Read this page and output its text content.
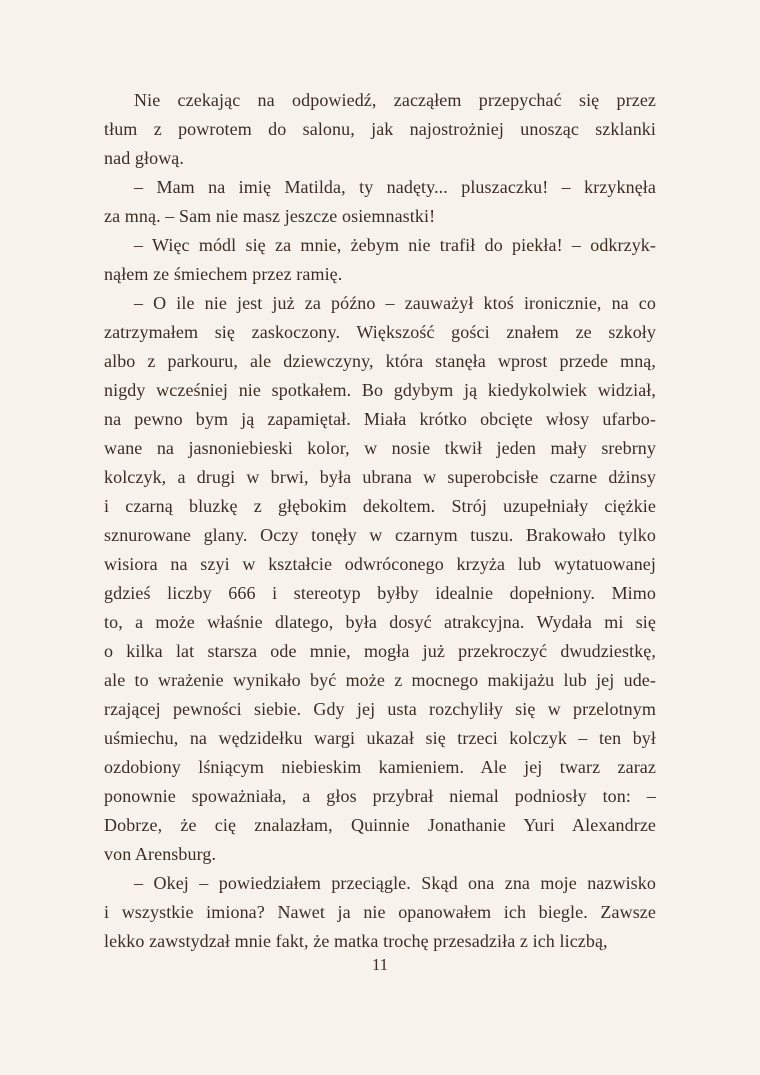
Nie czekając na odpowiedź, zacząłem przepychać się przez
tłum z powrotem do salonu, jak najostrożniej unosząc szklanki
nad głową.
– Mam na imię Matilda, ty nadęty... pluszaczku! – krzyknęła
za mną. – Sam nie masz jeszcze osiemnastki!
– Więc módl się za mnie, żebym nie trafił do piekła! – odkrzyk-
nąłem ze śmiechem przez ramię.
– O ile nie jest już za późno – zauważył ktoś ironicznie, na co
zatrzymałem się zaskoczony. Większość gości znałem ze szkoły
albo z parkouru, ale dziewczyny, która stanęła wprost przede mną,
nigdy wcześniej nie spotkałem. Bo gdybym ją kiedykolwiek widział,
na pewno bym ją zapamiętał. Miała krótko obcięte włosy ufarbo-
wane na jasnoniebieski kolor, w nosie tkwił jeden mały srebrny
kolczyk, a drugi w brwi, była ubrana w superobcisłe czarne dżinsy
i czarną bluzkę z głębokim dekoltem. Strój uzupełniały ciężkie
sznurowane glany. Oczy tonęły w czarnym tuszu. Brakowało tylko
wisiora na szyi w kształcie odwróconego krzyża lub wytatuowanej
gdzieś liczby 666 i stereotyp byłby idealnie dopełniony. Mimo
to, a może właśnie dlatego, była dosyć atrakcyjna. Wydała mi się
o kilka lat starsza ode mnie, mogła już przekroczyć dwudziestkę,
ale to wrażenie wynikało być może z mocnego makijażu lub jej ude-
rzającej pewności siebie. Gdy jej usta rozchyliły się w przelotnym
uśmiechu, na wędzidełku wargi ukazał się trzeci kolczyk – ten był
ozdobiony lśniącym niebieskim kamieniem. Ale jej twarz zaraz
ponownie spoważniała, a głos przybrał niemal podniosły ton: –
Dobrze, że cię znalazłam, Quinnie Jonathanie Yuri Alexandrze
von Arensburg.
– Okej – powiedziałem przeciągle. Skąd ona zna moje nazwisko
i wszystkie imiona? Nawet ja nie opanowałem ich biegle. Zawsze
lekko zawstydzał mnie fakt, że matka trochę przesadziła z ich liczbą,
11
